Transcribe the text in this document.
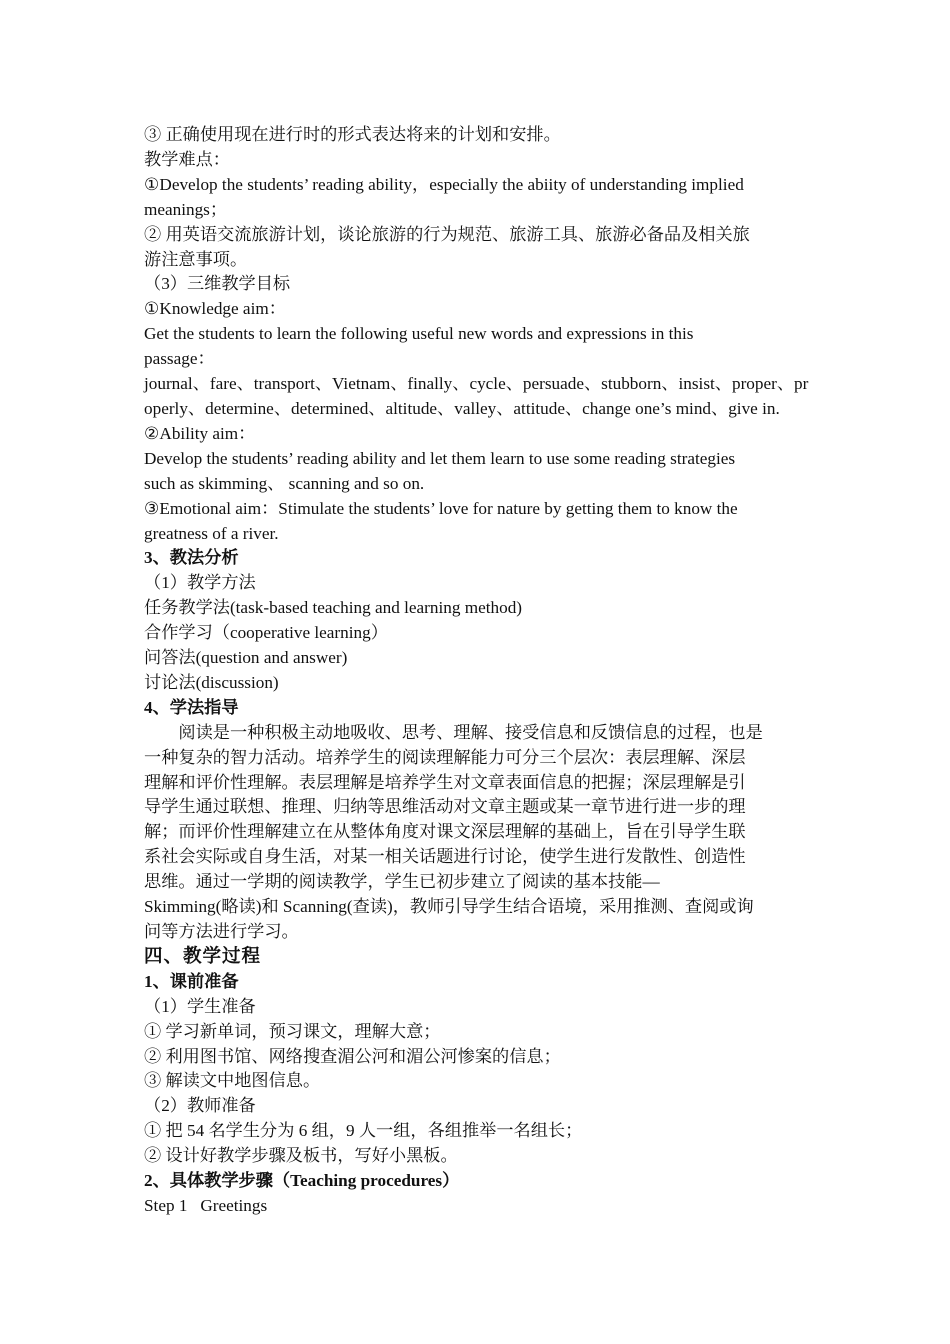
③ 正确使用现在进行时的形式表达将来的计划和安排。
教学难点：
①Develop the students’ reading ability，especially the abiity of understanding implied
meanings；
② 用英语交流旅游计划，谈论旅游的行为规范、旅游工具、旅游必备品及相关旅
游注意事项。
（3）三维教学目标
①Knowledge aim：
Get the students to learn the following useful new words and expressions in this
passage：
journal、fare、transport、Vietnam、finally、cycle、persuade、stubborn、insist、proper、pr
operly、determine、determined、altitude、valley、attitude、change one’s mind、give in.
②Ability aim：
Develop the students’ reading ability and let them learn to use some reading strategies
such as skimming、 scanning and so on.
③Emotional aim：Stimulate the students’ love for nature by getting them to know the
greatness of a river.
3、教法分析
（1）教学方法
任务教学法(task-based teaching and learning method)
合作学习（cooperative learning）
问答法(question and answer)
讨论法(discussion)
4、学法指导
阅读是一种积极主动地吸收、思考、理解、接受信息和反馈信息的过程，也是
一种复杂的智力活动。培养学生的阅读理解能力可分三个层次：表层理解、深层
理解和评价性理解。表层理解是培养学生对文章表面信息的把握；深层理解是引
导学生通过联想、推理、归纳等思维活动对文章主题或某一章节进行进一步的理
解；而评价性理解建立在从整体角度对课文深层理解的基础上，旨在引导学生联
系社会实际或自身生活，对某一相关话题进行讨论，使学生进行发散性、创造性
思维。通过一学期的阅读教学，学生已初步建立了阅读的基本技能—
Skimming(略读)和 Scanning(查读)，教师引导学生结合语境，采用推测、查阅或询
问等方法进行学习。
四、教学过程
1、课前准备
（1）学生准备
① 学习新单词，预习课文，理解大意；
② 利用图书馆、网络搜查湄公河和湄公河惨案的信息；
③ 解读文中地图信息。
（2）教师准备
① 把 54 名学生分为 6 组，9 人一组，各组推举一名组长；
② 设计好教学步骤及板书，写好小黑板。
2、具体教学步骤（Teaching procedures）
Step 1   Greetings
